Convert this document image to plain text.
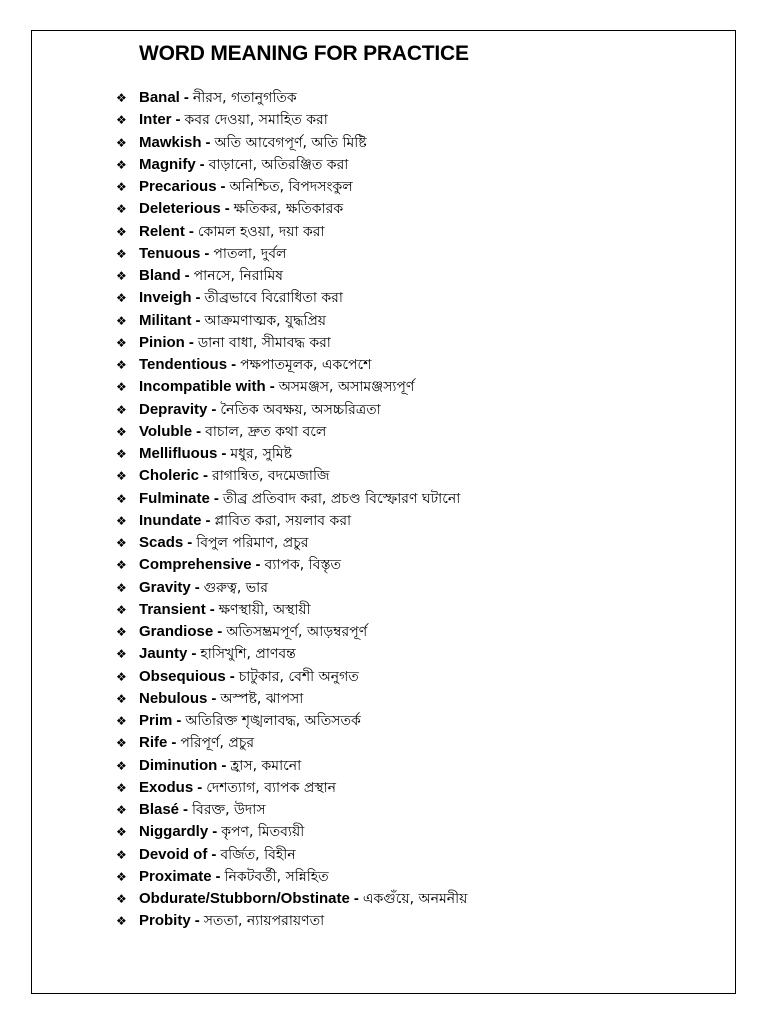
WORD MEANING FOR PRACTICE
❖ Banal - নীরস, গতানুগতিক
❖ Inter - কবর দেওয়া, সমাহিত করা
❖ Mawkish - অতি আবেগপূর্ণ, অতি মিষ্টি
❖ Magnify - বাড়ানো, অতিরঞ্জিত করা
❖ Precarious - অনিশ্চিত, বিপদসংকুল
❖ Deleterious - ক্ষতিকর, ক্ষতিকারক
❖ Relent - কোমল হওয়া, দয়া করা
❖ Tenuous - পাতলা, দুর্বল
❖ Bland - পানসে, নিরামিষ
❖ Inveigh - তীব্রভাবে বিরোধিতা করা
❖ Militant - আক্রমণাত্মক, যুদ্ধপ্রিয়
❖ Pinion - ডানা বাধা, সীমাবদ্ধ করা
❖ Tendentious - পক্ষপাতমূলক, একপেশে
❖ Incompatible with - অসমঞ্জস, অসামঞ্জস্যপূর্ণ
❖ Depravity - নৈতিক অবক্ষয়, অসচ্চরিত্রতা
❖ Voluble - বাচাল, দ্রুত কথা বলে
❖ Mellifluous - মধুর, সুমিষ্ট
❖ Choleric - রাগান্বিত, বদমেজাজি
❖ Fulminate - তীব্র প্রতিবাদ করা, প্রচণ্ড বিস্ফোরণ ঘটানো
❖ Inundate - প্লাবিত করা, সয়লাব করা
❖ Scads - বিপুল পরিমাণ, প্রচুর
❖ Comprehensive - ব্যাপক, বিস্তৃত
❖ Gravity - গুরুত্ব, ভার
❖ Transient - ক্ষণস্থায়ী, অস্থায়ী
❖ Grandiose - অতিসম্ভ্রমপূর্ণ, আড়ম্বরপূর্ণ
❖ Jaunty - হাসিখুশি, প্রাণবন্ত
❖ Obsequious - চাটুকার, বেশী অনুগত
❖ Nebulous - অস্পষ্ট, ঝাপসা
❖ Prim - অতিরিক্ত শৃঙ্খলাবদ্ধ, অতিসতর্ক
❖ Rife - পরিপূর্ণ, প্রচুর
❖ Diminution - হ্রাস, কমানো
❖ Exodus - দেশত্যাগ, ব্যাপক প্রস্থান
❖ Blasé - বিরক্ত, উদাস
❖ Niggardly - কৃপণ, মিতব্যয়ী
❖ Devoid of - বর্জিত, বিহীন
❖ Proximate - নিকটবর্তী, সন্নিহিত
❖ Obdurate/Stubborn/Obstinate - একগুঁয়ে, অনমনীয়
❖ Probity - সততা, ন্যায়পরায়ণতা
